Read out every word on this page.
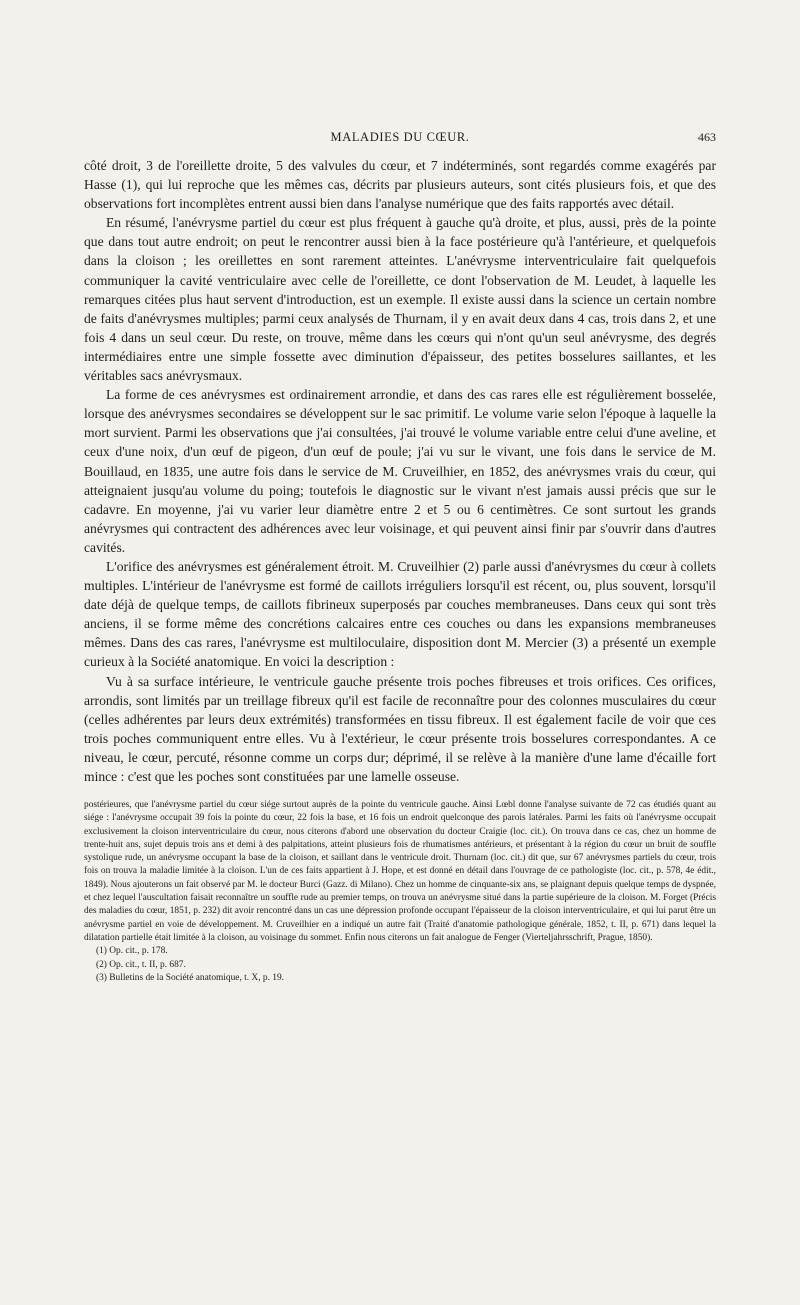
MALADIES DU CŒUR.	463

côté droit, 3 de l'oreillette droite, 5 des valvules du cœur, et 7 indéterminés, sont regardés comme exagérés par Hasse (1), qui lui reproche que les mêmes cas, décrits par plusieurs auteurs, sont cités plusieurs fois, et que des observations fort incomplètes entrent aussi bien dans l'analyse numérique que des faits rapportés avec détail.

En résumé, l'anévrysme partiel du cœur est plus fréquent à gauche qu'à droite, et plus, aussi, près de la pointe que dans tout autre endroit; on peut le rencontrer aussi bien à la face postérieure qu'à l'antérieure, et quelquefois dans la cloison ; les oreillettes en sont rarement atteintes. L'anévrysme interventriculaire fait quelquefois communiquer la cavité ventriculaire avec celle de l'oreillette, ce dont l'observation de M. Leudet, à laquelle les remarques citées plus haut servent d'introduction, est un exemple. Il existe aussi dans la science un certain nombre de faits d'anévrysmes multiples; parmi ceux analysés de Thurnam, il y en avait deux dans 4 cas, trois dans 2, et une fois 4 dans un seul cœur. Du reste, on trouve, même dans les cœurs qui n'ont qu'un seul anévrysme, des degrés intermédiaires entre une simple fossette avec diminution d'épaisseur, des petites bosselures saillantes, et les véritables sacs anévrysmaux.

La forme de ces anévrysmes est ordinairement arrondie, et dans des cas rares elle est régulièrement bosselée, lorsque des anévrysmes secondaires se développent sur le sac primitif. Le volume varie selon l'époque à laquelle la mort survient. Parmi les observations que j'ai consultées, j'ai trouvé le volume variable entre celui d'une aveline, et ceux d'une noix, d'un œuf de pigeon, d'un œuf de poule; j'ai vu sur le vivant, une fois dans le service de M. Bouillaud, en 1835, une autre fois dans le service de M. Cruveilhier, en 1852, des anévrysmes vrais du cœur, qui atteignaient jusqu'au volume du poing; toutefois le diagnostic sur le vivant n'est jamais aussi précis que sur le cadavre. En moyenne, j'ai vu varier leur diamètre entre 2 et 5 ou 6 centimètres. Ce sont surtout les grands anévrysmes qui contractent des adhérences avec leur voisinage, et qui peuvent ainsi finir par s'ouvrir dans d'autres cavités.

L'orifice des anévrysmes est généralement étroit. M. Cruveilhier (2) parle aussi d'anévrysmes du cœur à collets multiples. L'intérieur de l'anévrysme est formé de caillots irréguliers lorsqu'il est récent, ou, plus souvent, lorsqu'il date déjà de quelque temps, de caillots fibrineux superposés par couches membraneuses. Dans ceux qui sont très anciens, il se forme même des concrétions calcaires entre ces couches ou dans les expansions membraneuses mêmes. Dans des cas rares, l'anévrysme est multiloculaire, disposition dont M. Mercier (3) a présenté un exemple curieux à la Société anatomique. En voici la description :

Vu à sa surface intérieure, le ventricule gauche présente trois poches fibreuses et trois orifices. Ces orifices, arrondis, sont limités par un treillage fibreux qu'il est facile de reconnaître pour des colonnes musculaires du cœur (celles adhérentes par leurs deux extrémités) transformées en tissu fibreux. Il est également facile de voir que ces trois poches communiquent entre elles. Vu à l'extérieur, le cœur présente trois bosselures correspondantes. A ce niveau, le cœur, percuté, résonne comme un corps dur; déprimé, il se relève à la manière d'une lame d'écaille fort mince : c'est que les poches sont constituées par une lamelle osseuse.

postérieures, que l'anévrysme partiel du cœur siége surtout auprès de la pointe du ventricule gauche. Ainsi Lœbl donne l'analyse suivante de 72 cas étudiés quant au siége : l'anévrysme occupait 39 fois la pointe du cœur, 22 fois la base, et 16 fois un endroit quelconque des parois latérales. Parmi les faits où l'anévrysme occupait exclusivement la cloison interventriculaire du cœur, nous citerons d'abord une observation du docteur Craigie (loc. cit.). On trouva dans ce cas, chez un homme de trente-huit ans, sujet depuis trois ans et demi à des palpitations, atteint plusieurs fois de rhumatismes antérieurs, et présentant à la région du cœur un bruit de souffle systolique rude, un anévrysme occupant la base de la cloison, et saillant dans le ventricule droit. Thurnam (loc. cit.) dit que, sur 67 anévrysmes partiels du cœur, trois fois on trouva la maladie limitée à la cloison. L'un de ces faits appartient à J. Hope, et est donné en détail dans l'ouvrage de ce pathologiste (loc. cit., p. 578, 4e édit., 1849). Nous ajouterons un fait observé par M. le docteur Burci (Gazz. di Milano). Chez un homme de cinquante-six ans, se plaignant depuis quelque temps de dyspnée, et chez lequel l'auscultation faisait reconnaître un souffle rude au premier temps, on trouva un anévrysme situé dans la partie supérieure de la cloison. M. Forget (Précis des maladies du cœur, 1851, p. 232) dit avoir rencontré dans un cas une dépression profonde occupant l'épaisseur de la cloison interventriculaire, et qui lui parut être un anévrysme partiel en voie de développement. M. Cruveilhier en a indiqué un autre fait (Traité d'anatomie pathologique générale, 1852, t. II, p. 671) dans lequel la dilatation partielle était limitée à la cloison, au voisinage du sommet. Enfin nous citerons un fait analogue de Fenger (Vierteljahrsschrift, Prague, 1850).

(1) Op. cit., p. 178.

(2) Op. cit., t. II, p. 687.

(3) Bulletins de la Société anatomique, t. X, p. 19.
